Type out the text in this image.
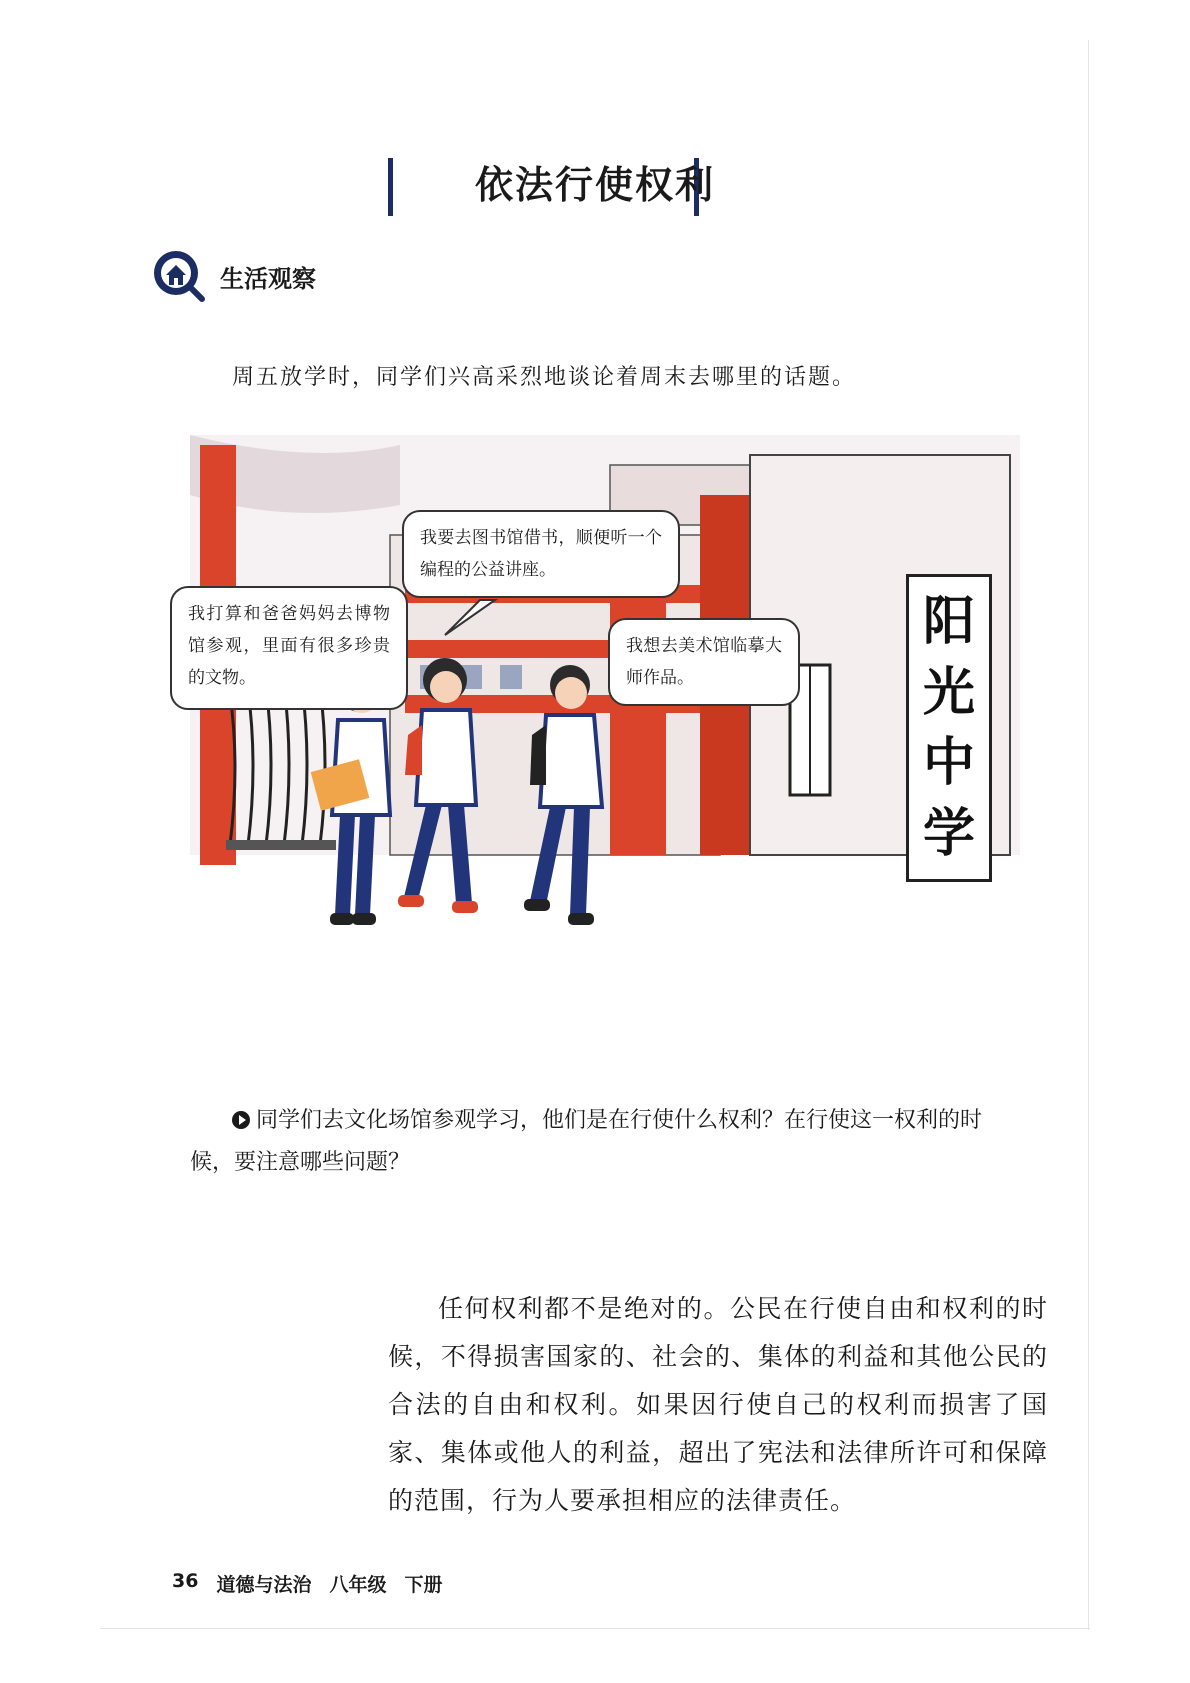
依法行使权利
生活观察
周五放学时，同学们兴高采烈地谈论着周末去哪里的话题。
我要去图书馆借书，顺便听一个编程的公益讲座。
我打算和爸爸妈妈去博物馆参观，里面有很多珍贵的文物。
我想去美术馆临摹大师作品。
阳
光
中
学
同学们去文化场馆参观学习，他们是在行使什么权利？在行使这一权利的时候，要注意哪些问题？
任何权利都不是绝对的。公民在行使自由和权利的时候，不得损害国家的、社会的、集体的利益和其他公民的合法的自由和权利。如果因行使自己的权利而损害了国家、集体或他人的利益，超出了宪法和法律所许可和保障的范围，行为人要承担相应的法律责任。
36 道德与法治 八年级 下册
